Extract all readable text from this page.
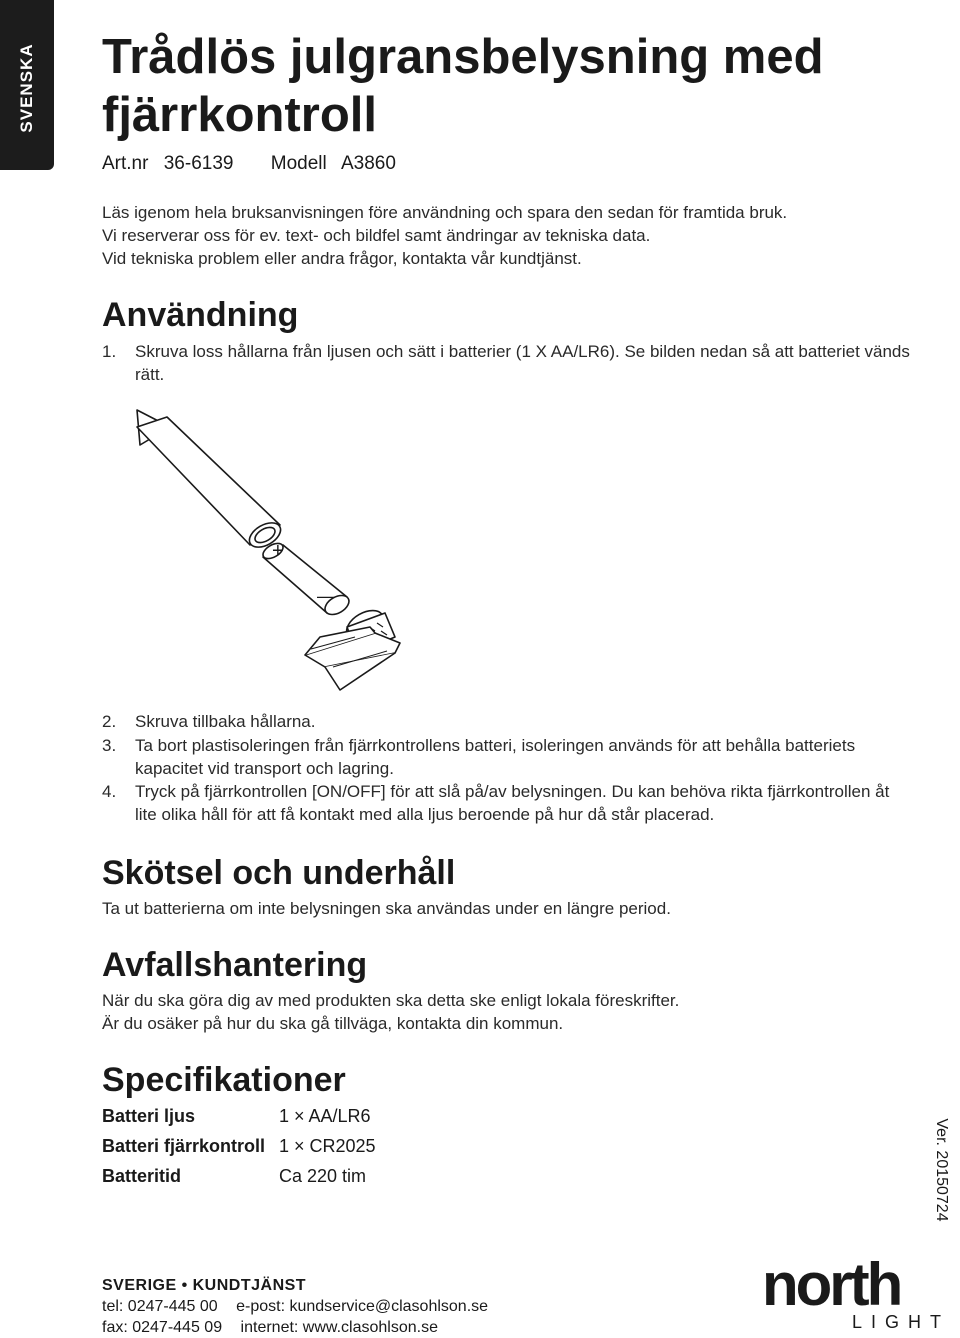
SVENSKA Trådlös julgransbelysning med fjärrkontroll
Art.nr 36-6139 Modell A3860
Läs igenom hela bruksanvisningen före användning och spara den sedan för framtida bruk.
Vi reserverar oss för ev. text- och bildfel samt ändringar av tekniska data.
Vid tekniska problem eller andra frågor, kontakta vår kundtjänst.
Användning
1. Skruva loss hållarna från ljusen och sätt i batterier (1 X AA/LR6). Se bilden nedan så att batteriet vänds rätt.
+
—
2. Skruva tillbaka hållarna.
3. Ta bort plastisoleringen från fjärrkontrollens batteri, isoleringen används för att behålla batteriets kapacitet vid transport och lagring.
4. Tryck på fjärrkontrollen [ON/OFF] för att slå på/av belysningen. Du kan behöva rikta fjärrkontrollen åt lite olika håll för att få kontakt med alla ljus beroende på hur då står placerad.
Skötsel och underhåll
Ta ut batterierna om inte belysningen ska användas under en längre period.
Avfallshantering
När du ska göra dig av med produkten ska detta ske enligt lokala föreskrifter.
Är du osäker på hur du ska gå tillväga, kontakta din kommun.
Specifikationer
Batteri ljus	1 × AA/LR6
Batteri fjärrkontroll 1 × CR2025
Batteritid	Ca 220 tim	Ver. 20150724
SVERIGE • KUNDTJÄNST
tel: 0247-445 00 e-post: kundservice@clasohlson.se
fax: 0247-445 09 internet: www.clasohlson.se
north
LIGHT
